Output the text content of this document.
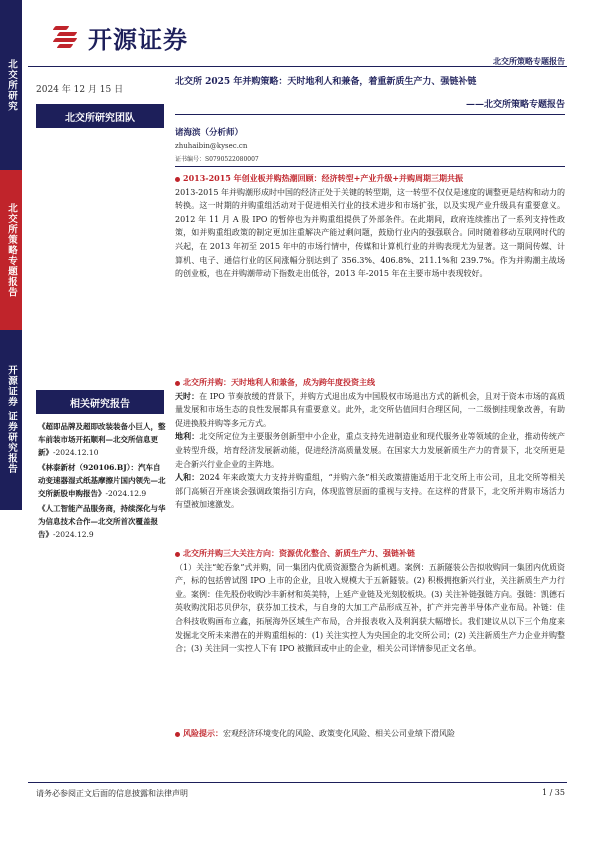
开源证券
北交所策略专题报告
北交所研究
北交所策略专题报告
开源证券 证券研究报告
2024 年 12 月 15 日
北交所研究团队
相关研究报告
《超即品牌及超即改装装备小巨人，整车前装市场开拓顺利—北交所信息更新》-2024.12.10
《林泰新材（920106.BJ）：汽车自动变速器湿式纸基摩擦片国内领先—北交所新股申购报告》-2024.12.9
《人工智能产品服务商，持续深化与华为信息技术合作—北交所首次覆盖报告》-2024.12.9
北交所 2025 年并购策略：天时地利人和兼备，着重新质生产力、强链补链
——北交所策略专题报告
诸海滨（分析师）
zhuhaibin@kysec.cn
证书编号：S0790522080007
2013-2015 年创业板并购热潮回顾：经济转型+产业升级+并购周期三期共振
2013-2015 年并购潮形成时中国的经济正处于关键的转型期，这一转型不仅仅是速度的调整更是结构和动力的转换。这一时期的并购重组活动对于促进相关行业的技术进步和市场扩张，以及实现产业升级具有重要意义。2012 年 11 月 A 股 IPO 的暂停也为并购重组提供了外部条件。在此期间，政府连续推出了一系列支持性政策，如并购重组政策的制定更加注重解决产能过剩问题，鼓励行业内的强强联合。同时随着移动互联网时代的兴起，在 2013 年初至 2015 年中的市场行情中，传媒和计算机行业的并购表现尤为显著。这一期间传媒、计算机、电子、通信行业的区间涨幅分别达到了 356.3%、406.8%、211.1%和 239.7%。作为并购潮主战场的创业板，也在并购潮带动下指数走出低谷，2013 年-2015 年在主要市场中表现较好。
北交所并购：天时地利人和兼备，成为跨年度投资主线
天时：在 IPO 节奏放缓的背景下，并购方式退出成为中国股权市场退出方式的新机会，且对于资本市场的高质量发展和市场生态的良性发展都具有重要意义。此外，北交所估值回归合理区间，一二级倒挂现象改善，有助促进换股并购等多元方式。
地利：北交所定位为主要服务创新型中小企业，重点支持先进制造业和现代服务业等领域的企业，推动传统产业转型升级，培育经济发展新动能，促进经济高质量发展。在国家大力发展新质生产力的背景下，北交所更是走合新兴行业企业的主阵地。
人和：2024 年来政策大力支持并购重组，“并购六条”相关政策措施适用于北交所上市公司，且北交所等相关部门高频召开座谈会强调政策指引方向，体现监管层面的重视与支持。在这样的背景下，北交所并购市场活力有望被加速激发。
北交所并购三大关注方向：资源优化整合、新质生产力、强链补链
（1）关注“蛇吞象”式并购，同一集团内优质资源整合为新机遇。案例：五新隧装公告拟收购同一集团内优质资产，标的包括曾试图 IPO 上市的企业，且收入规模大于五新隧装。(2) 积极拥抱新兴行业，关注新质生产力行业。案例：佳先股份收购沙丰新材和英美特，上延产业链及光刻胶板块。(3) 关注补链强链方向。强链：凯德石英收购沈阳芯贝伊尔，获芬加工技术，与自身的大加工产品形成互补，扩产并完善半导体产业布局。补链：佳合科技收购画布立鑫，拓展海外区域生产布局，合并报表收入及利润获大幅增长。我们建议从以下三个角度来发掘北交所未来潜在的并购重组标的：(1) 关注实控人为央国企的北交所公司；(2) 关注新质生产力企业并购整合；(3) 关注同一实控人下有 IPO 被撤回或中止的企业，相关公司详情参见正文名单。
风险提示：宏观经济环境变化的风险、政策变化风险、相关公司业绩下滑风险
请务必参阅正文后面的信息披露和法律声明	1 / 35
